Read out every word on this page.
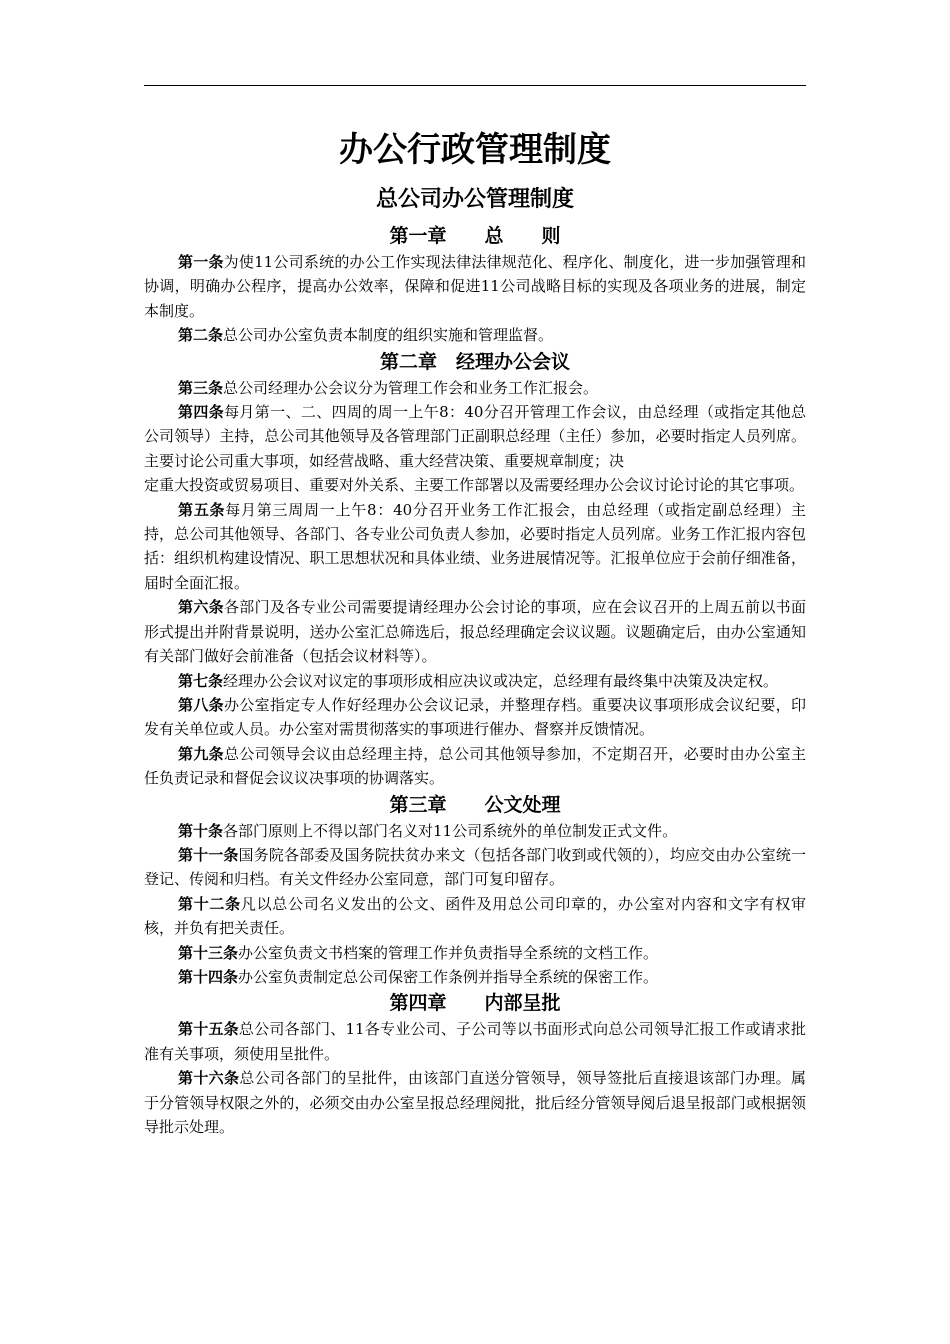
办公行政管理制度
总公司办公管理制度
第一章　　总　　则
第一条为使11公司系统的办公工作实现法律法律规范化、程序化、制度化，进一步加强管理和协调，明确办公程序，提高办公效率，保障和促进11公司战略目标的实现及各项业务的进展，制定本制度。
第二条总公司办公室负责本制度的组织实施和管理监督。
第二章　经理办公会议
第三条总公司经理办公会议分为管理工作会和业务工作汇报会。
第四条每月第一、二、四周的周一上午8：40分召开管理工作会议，由总经理（或指定其他总公司领导）主持，总公司其他领导及各管理部门正副职总经理（主任）参加，必要时指定人员列席。主要讨论公司重大事项，如经营战略、重大经营决策、重要规章制度；决
定重大投资或贸易项目、重要对外关系、主要工作部署以及需要经理办公会议讨论讨论的其它事项。
第五条每月第三周周一上午8：40分召开业务工作汇报会，由总经理（或指定副总经理）主持，总公司其他领导、各部门、各专业公司负责人参加，必要时指定人员列席。业务工作汇报内容包括：组织机构建设情况、职工思想状况和具体业绩、业务进展情况等。汇报单位应于会前仔细准备，届时全面汇报。
第六条各部门及各专业公司需要提请经理办公会讨论的事项，应在会议召开的上周五前以书面形式提出并附背景说明，送办公室汇总筛选后，报总经理确定会议议题。议题确定后，由办公室通知有关部门做好会前准备（包括会议材料等）。
第七条经理办公会议对议定的事项形成相应决议或决定，总经理有最终集中决策及决定权。
第八条办公室指定专人作好经理办公会议记录，并整理存档。重要决议事项形成会议纪要，印发有关单位或人员。办公室对需贯彻落实的事项进行催办、督察并反馈情况。
第九条总公司领导会议由总经理主持，总公司其他领导参加，不定期召开，必要时由办公室主任负责记录和督促会议议决事项的协调落实。
第三章　　公文处理
第十条各部门原则上不得以部门名义对11公司系统外的单位制发正式文件。
第十一条国务院各部委及国务院扶贫办来文（包括各部门收到或代领的），均应交由办公室统一登记、传阅和归档。有关文件经办公室同意，部门可复印留存。
第十二条凡以总公司名义发出的公文、函件及用总公司印章的，办公室对内容和文字有权审核，并负有把关责任。
第十三条办公室负责文书档案的管理工作并负责指导全系统的文档工作。
第十四条办公室负责制定总公司保密工作条例并指导全系统的保密工作。
第四章　　内部呈批
第十五条总公司各部门、11各专业公司、子公司等以书面形式向总公司领导汇报工作或请求批准有关事项，须使用呈批件。
第十六条总公司各部门的呈批件，由该部门直送分管领导，领导签批后直接退该部门办理。属于分管领导权限之外的，必须交由办公室呈报总经理阅批，批后经分管领导阅后退呈报部门或根据领导批示处理。
